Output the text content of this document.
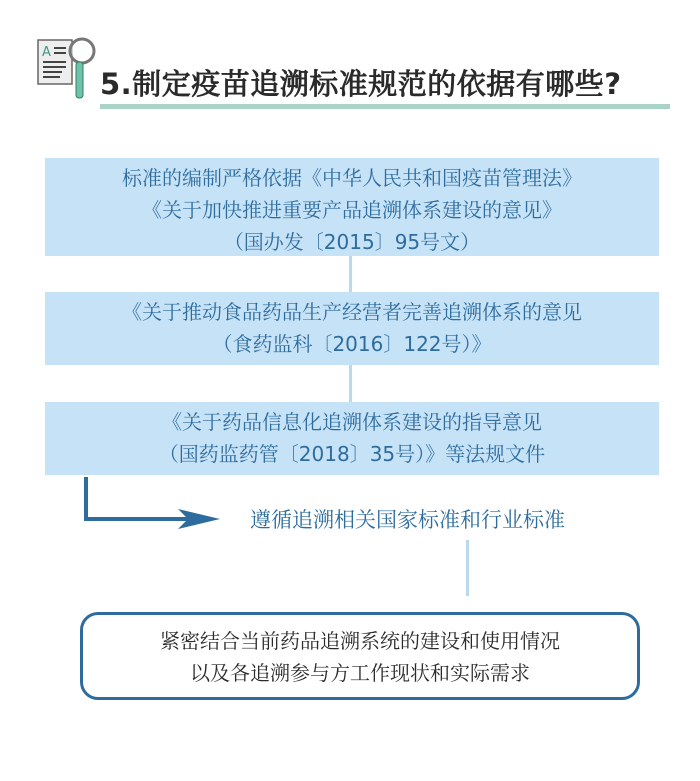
A
5.制定疫苗追溯标准规范的依据有哪些?
标准的编制严格依据《中华人民共和国疫苗管理法》
《关于加快推进重要产品追溯体系建设的意见》
（国办发〔2015〕95号文）
《关于推动食品药品生产经营者完善追溯体系的意见
（食药监科〔2016〕122号）》
《关于药品信息化追溯体系建设的指导意见
（国药监药管〔2018〕35号）》等法规文件
遵循追溯相关国家标准和行业标准
紧密结合当前药品追溯系统的建设和使用情况
以及各追溯参与方工作现状和实际需求
